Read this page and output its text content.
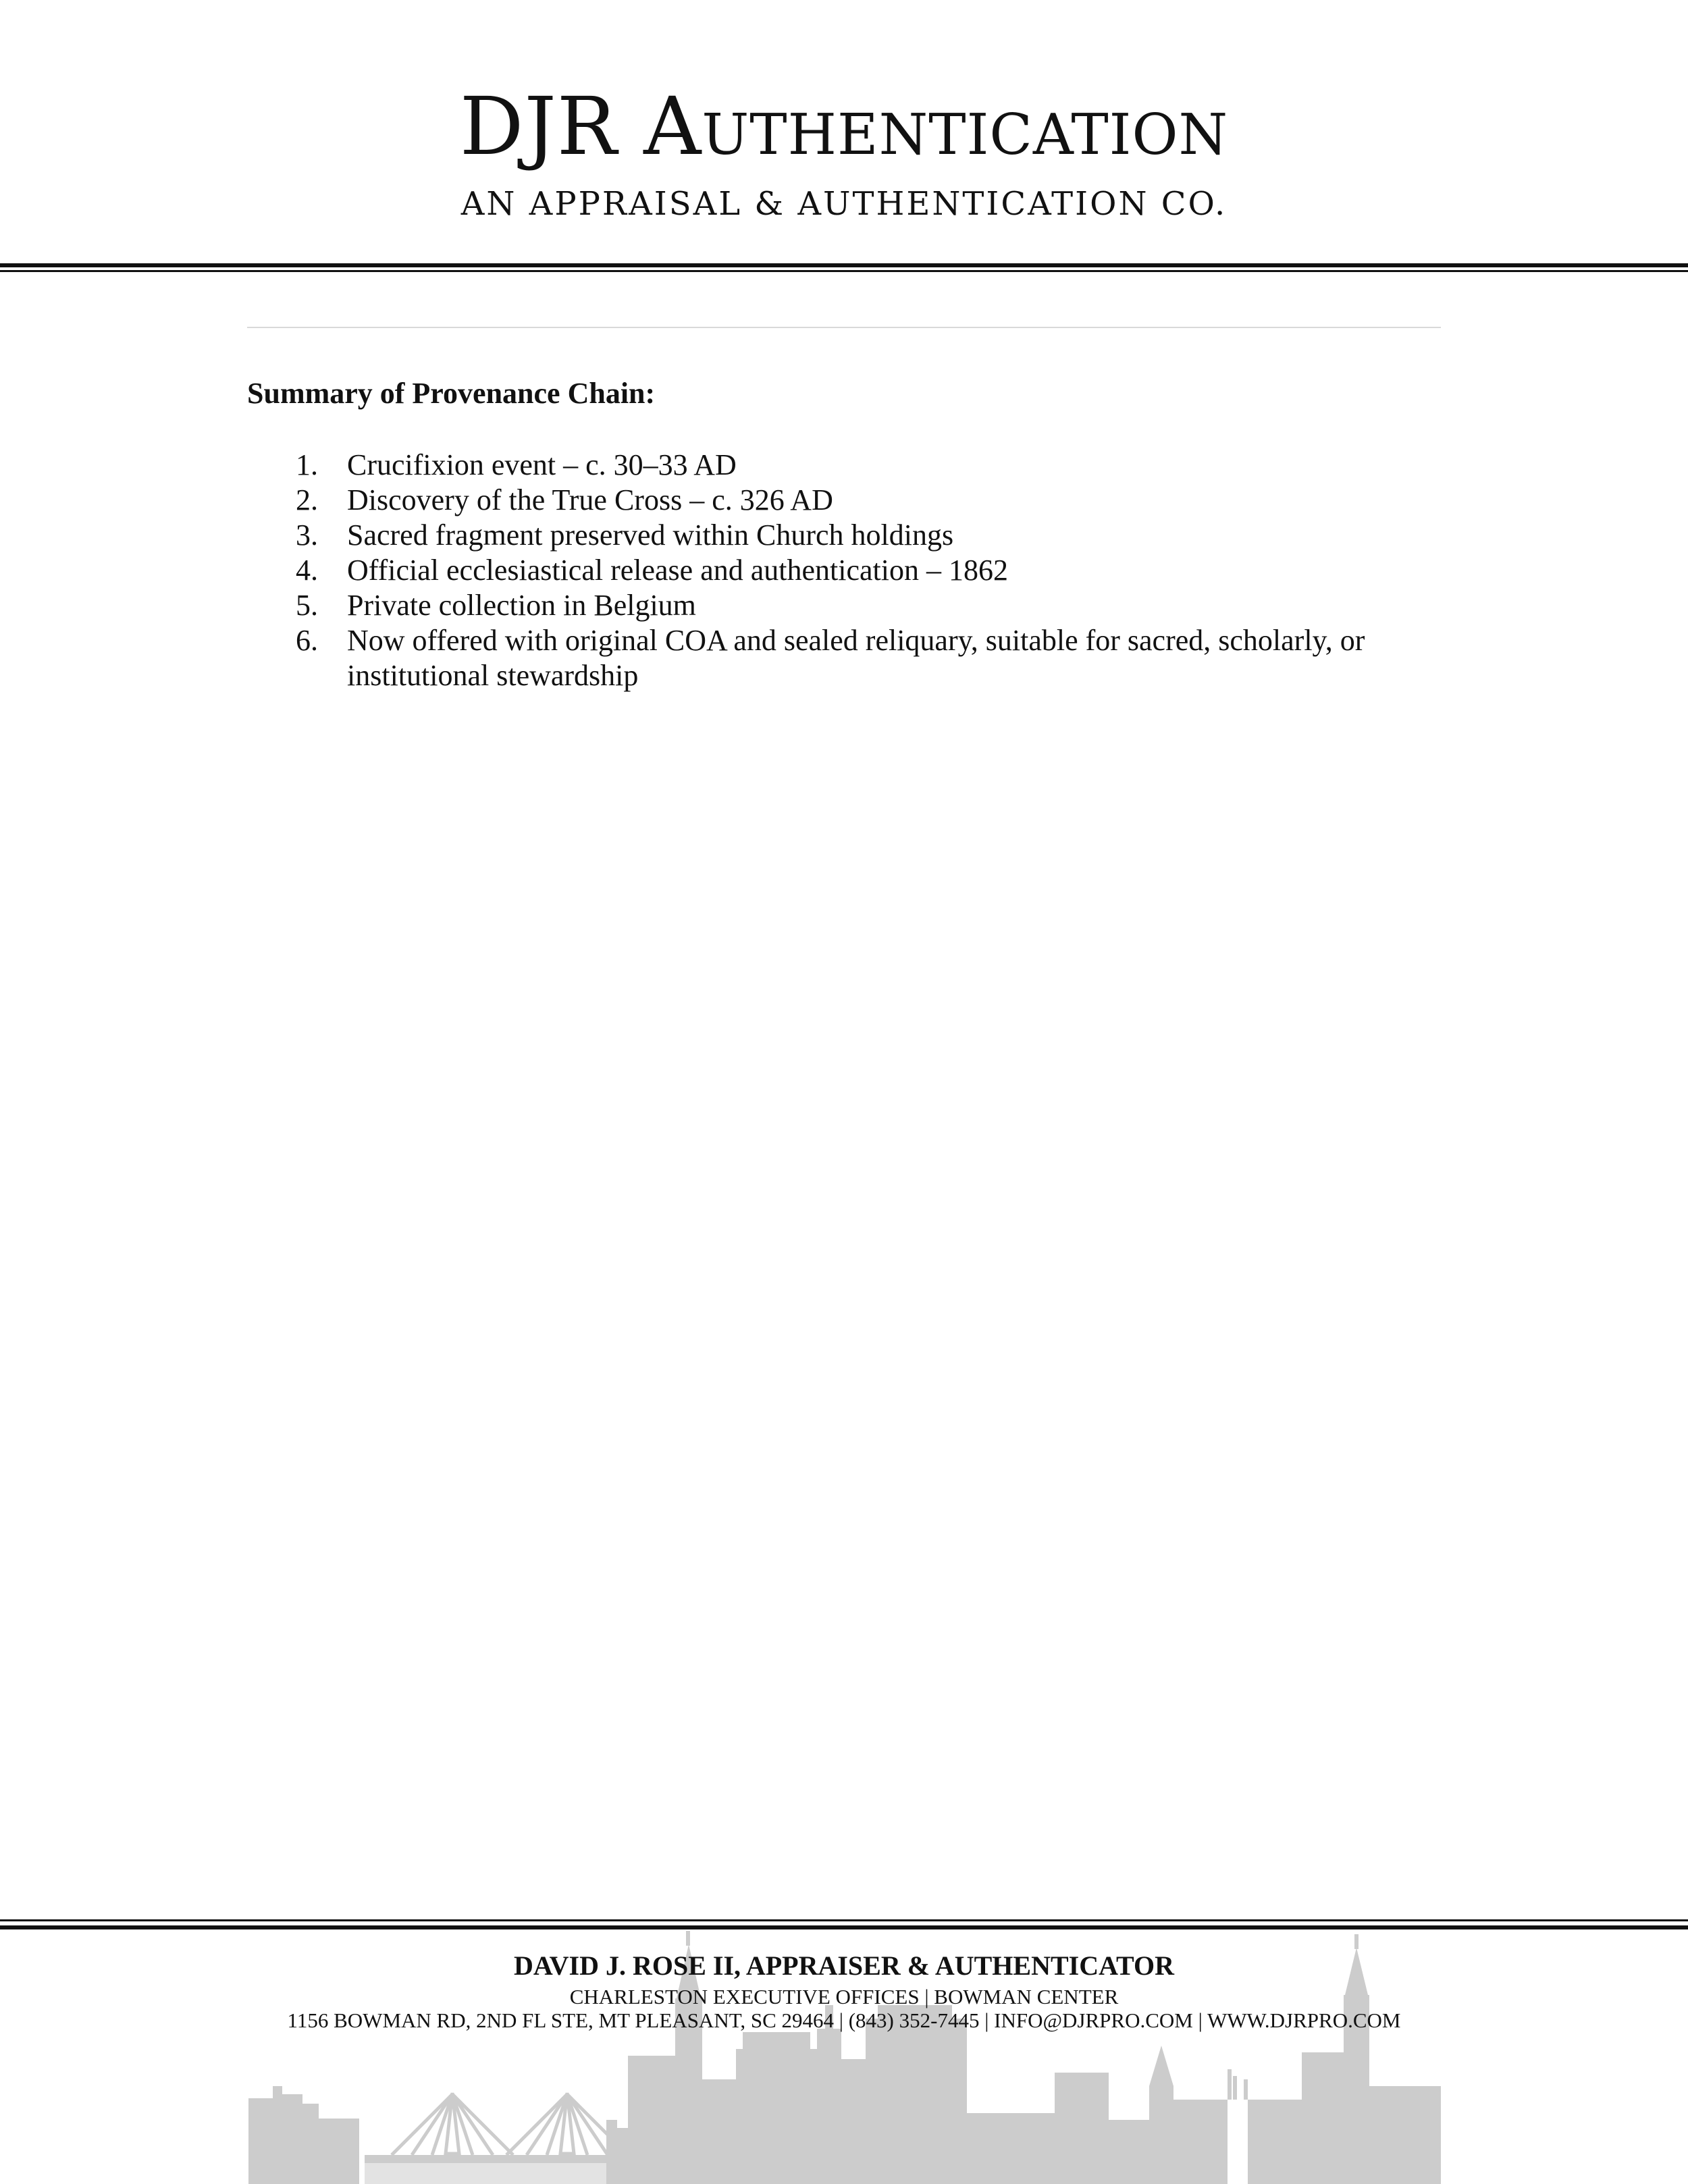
DJR Authentication
AN APPRAISAL & AUTHENTICATION CO.
Summary of Provenance Chain:
1. Crucifixion event – c. 30–33 AD
2. Discovery of the True Cross – c. 326 AD
3. Sacred fragment preserved within Church holdings
4. Official ecclesiastical release and authentication – 1862
5. Private collection in Belgium
6. Now offered with original COA and sealed reliquary, suitable for sacred, scholarly, or institutional stewardship
DAVID J. ROSE II, APPRAISER & AUTHENTICATOR
CHARLESTON EXECUTIVE OFFICES | BOWMAN CENTER
1156 BOWMAN RD, 2ND FL STE, MT PLEASANT, SC 29464 | (843) 352-7445 | INFO@DJRPRO.COM | WWW.DJRPRO.COM
